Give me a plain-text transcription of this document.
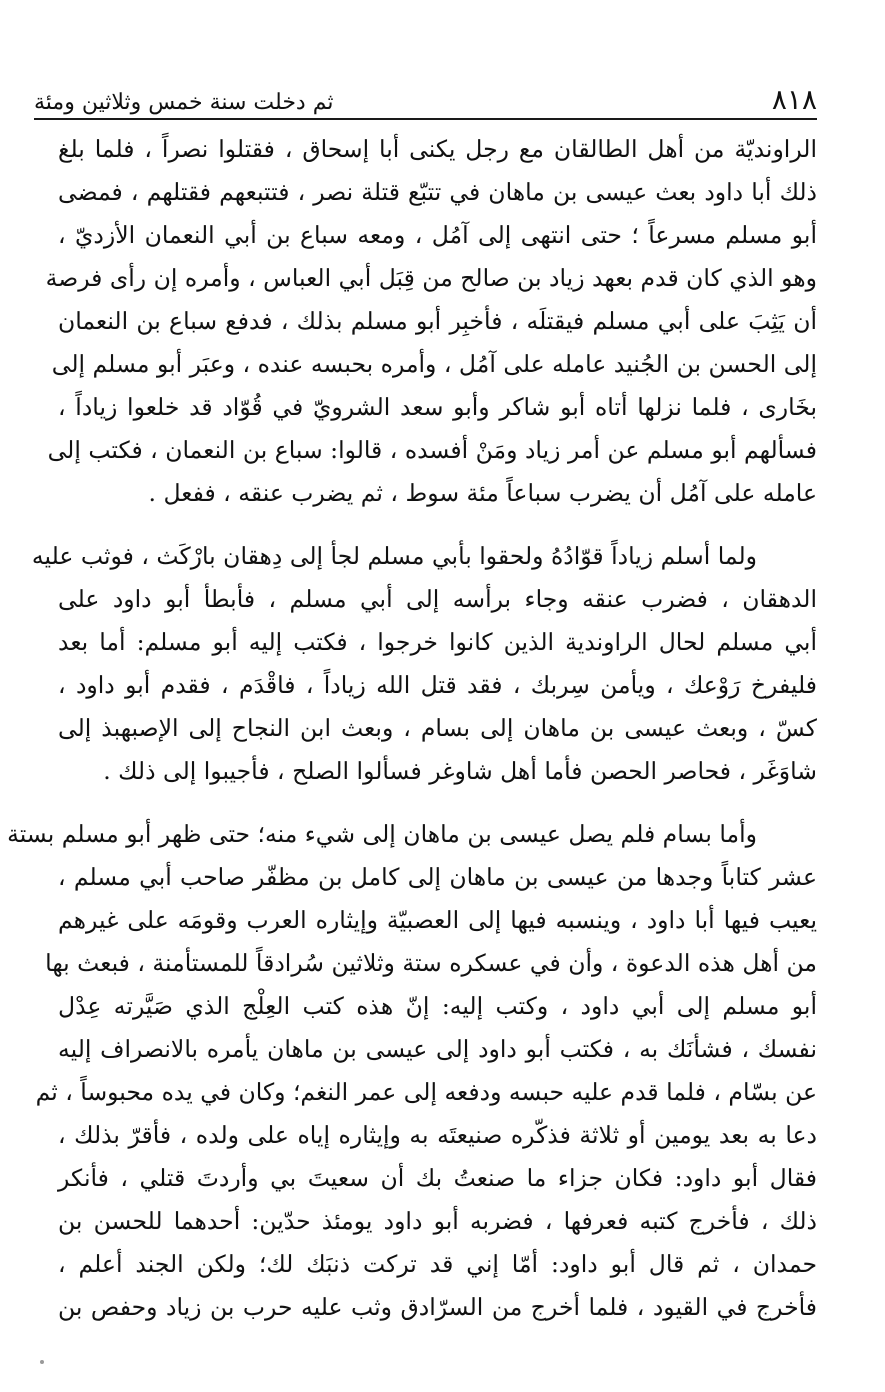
٨١٨
ثم دخلت سنة خمس وثلاثين ومئة
الراونديّة من أهل الطالقان مع رجل يكنى أبا إسحاق ، فقتلوا نصراً ، فلما بلغ
ذلك أبا داود بعث عيسى بن ماهان في تتبّع قتلة نصر ، فتتبعهم فقتلهم ، فمضى
أبو مسلم مسرعاً ؛ حتى انتهى إلى آمُل ، ومعه سباع بن أبي النعمان الأزديّ ،
وهو الذي كان قدم بعهد زياد بن صالح من قِبَل أبي العباس ، وأمره إن رأى فرصة
أن يَثِبَ على أبي مسلم فيقتلَه ، فأخبِر أبو مسلم بذلك ، فدفع سباع بن النعمان
إلى الحسن بن الجُنيد عامله على آمُل ، وأمره بحبسه عنده ، وعبَر أبو مسلم إلى
بخَارى ، فلما نزلها أتاه أبو شاكر وأبو سعد الشرويّ في قُوّاد قد خلعوا زياداً ،
فسألهم أبو مسلم عن أمر زياد ومَنْ أفسده ، قالوا: سباع بن النعمان ، فكتب إلى
عامله على آمُل أن يضرب سباعاً مئة سوط ، ثم يضرب عنقه ، ففعل .
ولما أسلم زياداً قوّادُهُ ولحقوا بأبي مسلم لجأ إلى دِهقان بارْكَث ، فوثب عليه
الدهقان ، فضرب عنقه وجاء برأسه إلى أبي مسلم ، فأبطأ أبو داود على
أبي مسلم لحال الراوندية الذين كانوا خرجوا ، فكتب إليه أبو مسلم: أما بعد
فليفرخ رَوْعك ، ويأمن سِربك ، فقد قتل الله زياداً ، فاقْدَم ، فقدم أبو داود ،
كسّ ، وبعث عيسى بن ماهان إلى بسام ، وبعث ابن النجاح إلى الإصبهبذ إلى
شاوَغَر ، فحاصر الحصن فأما أهل شاوغر فسألوا الصلح ، فأجيبوا إلى ذلك .
وأما بسام فلم يصل عيسى بن ماهان إلى شيء منه؛ حتى ظهر أبو مسلم بستة
عشر كتاباً وجدها من عيسى بن ماهان إلى كامل بن مظفّر صاحب أبي مسلم ،
يعيب فيها أبا داود ، وينسبه فيها إلى العصبيّة وإيثاره العرب وقومَه على غيرهم
من أهل هذه الدعوة ، وأن في عسكره ستة وثلاثين سُرادقاً للمستأمنة ، فبعث بها
أبو مسلم إلى أبي داود ، وكتب إليه: إنّ هذه كتب العِلْج الذي صَيَّرته عِدْل
نفسك ، فشأنَك به ، فكتب أبو داود إلى عيسى بن ماهان يأمره بالانصراف إليه
عن بسّام ، فلما قدم عليه حبسه ودفعه إلى عمر النغم؛ وكان في يده محبوساً ، ثم
دعا به بعد يومين أو ثلاثة فذكّره صنيعتَه به وإيثاره إياه على ولده ، فأقرّ بذلك ،
فقال أبو داود: فكان جزاء ما صنعتُ بك أن سعيتَ بي وأردتَ قتلي ، فأنكر
ذلك ، فأخرج كتبه فعرفها ، فضربه أبو داود يومئذ حدّين: أحدهما للحسن بن
حمدان ، ثم قال أبو داود: أمّا إني قد تركت ذنبَك لك؛ ولكن الجند أعلم ،
فأخرج في القيود ، فلما أخرج من السرّادق وثب عليه حرب بن زياد وحفص بن
